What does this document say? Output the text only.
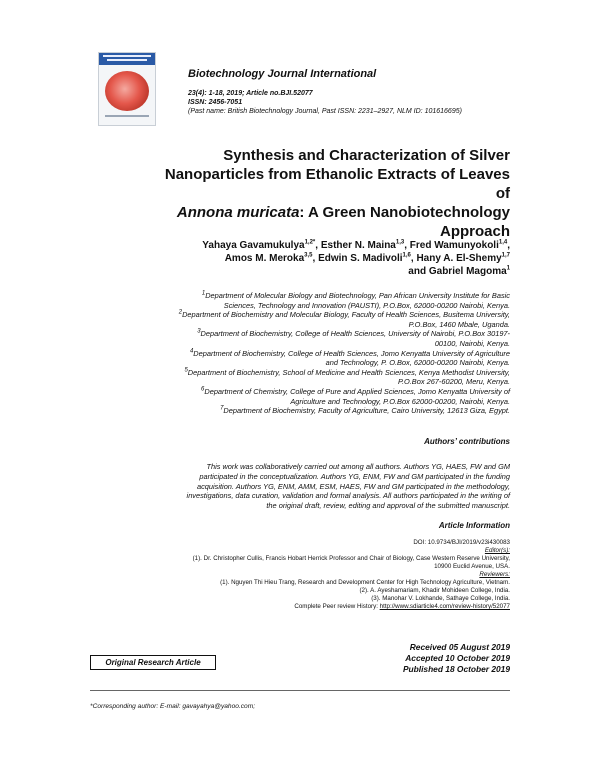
Biotechnology Journal International
23(4): 1-18, 2019; Article no.BJI.52077
ISSN: 2456-7051
(Past name: British Biotechnology Journal, Past ISSN: 2231–2927, NLM ID: 101616695)
Synthesis and Characterization of Silver
Nanoparticles from Ethanolic Extracts of Leaves of
Annona muricata: A Green Nanobiotechnology
Approach
Yahaya Gavamukulya$^{1,2*}$, Esther N. Maina$^{1,3}$, Fred Wamunyokoli$^{1,4}$,
Amos M. Meroka$^{3,5}$, Edwin S. Madivoli$^{1,6}$, Hany A. El-Shemy$^{1,7}$
and Gabriel Magoma$^1$

$^1$Department of Molecular Biology and Biotechnology, Pan African University Institute for Basic

Sciences, Technology and Innovation (PAUSTI), P.O.Box, 62000-00200 Nairobi, Kenya.

$^2$Department of Biochemistry and Molecular Biology, Faculty of Health Sciences, Busitema University,

P.O.Box, 1460 Mbale, Uganda.

$^3$Department of Biochemistry, College of Health Sciences, University of Nairobi, P.O.Box 30197-

00100, Nairobi, Kenya.

$^4$Department of Biochemistry, College of Health Sciences, Jomo Kenyatta University of Agriculture

and Technology, P. O.Box, 62000-00200 Nairobi, Kenya.

$^5$Department of Biochemistry, School of Medicine and Health Sciences, Kenya Methodist University,

P.O.Box 267-60200, Meru, Kenya.

$^6$Department of Chemistry, College of Pure and Applied Sciences, Jomo Kenyatta University of

Agriculture and Technology, P.O.Box 62000-00200, Nairobi, Kenya.

$^7$Department of Biochemistry, Faculty of Agriculture, Cairo University, 12613 Giza, Egypt.

Authors’ contributions
This work was collaboratively carried out among all authors. Authors YG, HAES, FW and GM
participated in the conceptualization. Authors YG, ENM, FW and GM participated in the funding
acquisition. Authors YG, ENM, AMM, ESM, HAES, FW and GM participated in the methodology,
investigations, data curation, validation and formal analysis. All authors participated in the writing of
the original draft, review, editing and approval of the submitted manuscript.
Article Information

DOI: 10.9734/BJI/2019/v23i430083

Editor(s):

(1). Dr. Christopher Cullis, Francis Hobart Herrick Professor and Chair of Biology, Case Western Reserve University,

10900 Euclid Avenue, USA.

Reviewers:

(1). Nguyen Thi Hieu Trang, Research and Development Center for High Technology Agriculture, Vietnam.

(2). A. Ayeshamariam, Khadir Mohideen College, India.

(3). Manohar V. Lokhande, Sathaye College, India.

Complete Peer review History: http://www.sdiarticle4.com/review-history/52077

Received 05 August 2019

Accepted 10 October 2019

Published 18 October 2019

Original Research Article
*Corresponding author: E-mail: gavayahya@yahoo.com;
